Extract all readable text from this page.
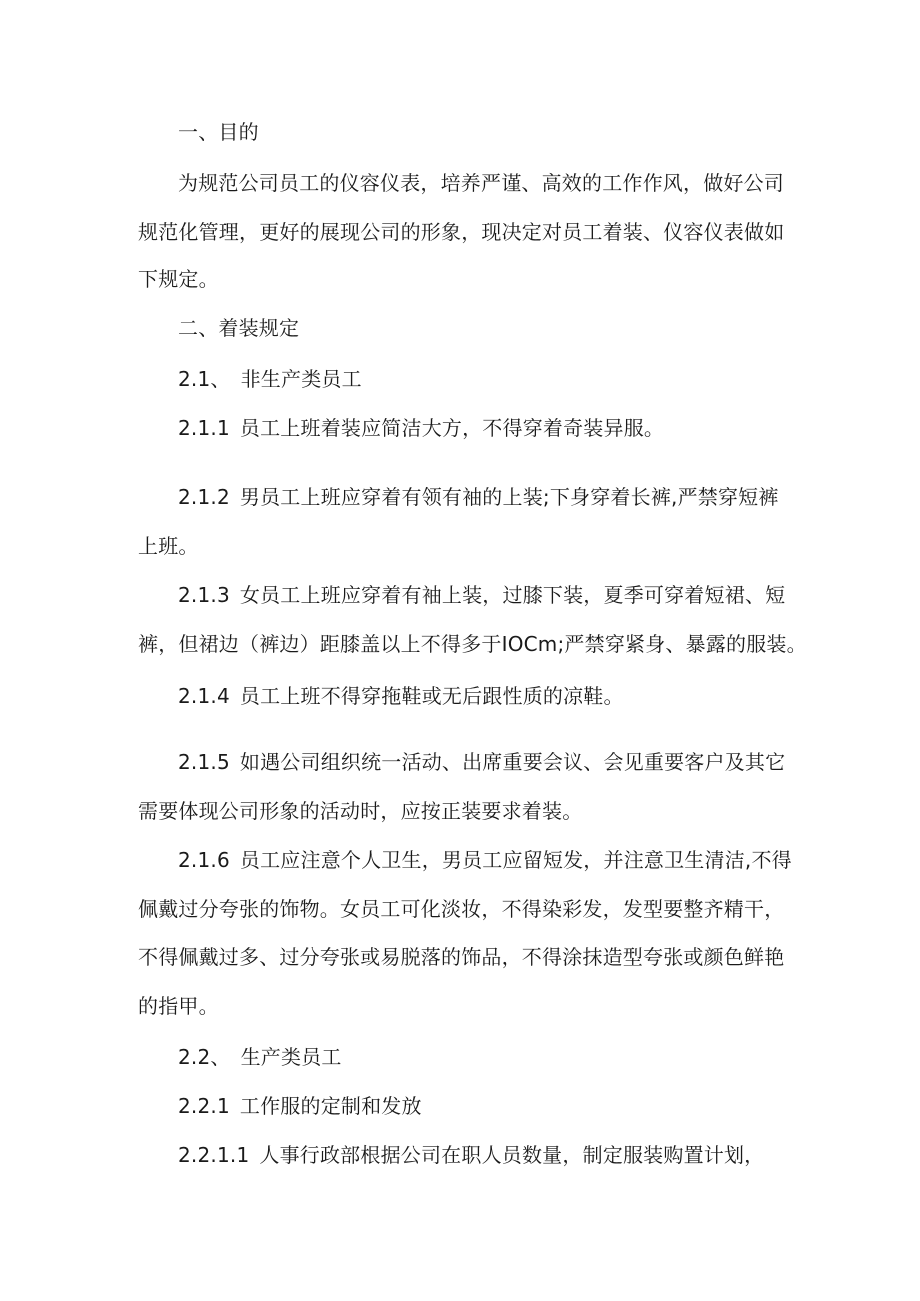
一、目的
为规范公司员工的仪容仪表，培养严谨、高效的工作作风，做好公司
规范化管理，更好的展现公司的形象，现决定对员工着装、仪容仪表做如
下规定。
二、着装规定
2.1、 非生产类员工
2.1.1 员工上班着装应简洁大方，不得穿着奇装异服。
2.1.2 男员工上班应穿着有领有袖的上装;下身穿着长裤,严禁穿短裤
上班。
2.1.3 女员工上班应穿着有袖上装，过膝下装，夏季可穿着短裙、短
裤，但裙边（裤边）距膝盖以上不得多于IOCm;严禁穿紧身、暴露的服装。
2.1.4 员工上班不得穿拖鞋或无后跟性质的凉鞋。
2.1.5 如遇公司组织统一活动、出席重要会议、会见重要客户及其它
需要体现公司形象的活动时，应按正装要求着装。
2.1.6 员工应注意个人卫生，男员工应留短发，并注意卫生清洁,不得
佩戴过分夸张的饰物。女员工可化淡妆，不得染彩发，发型要整齐精干，
不得佩戴过多、过分夸张或易脱落的饰品，不得涂抹造型夸张或颜色鲜艳
的指甲。
2.2、 生产类员工
2.2.1 工作服的定制和发放
2.2.1.1 人事行政部根据公司在职人员数量，制定服装购置计划，
